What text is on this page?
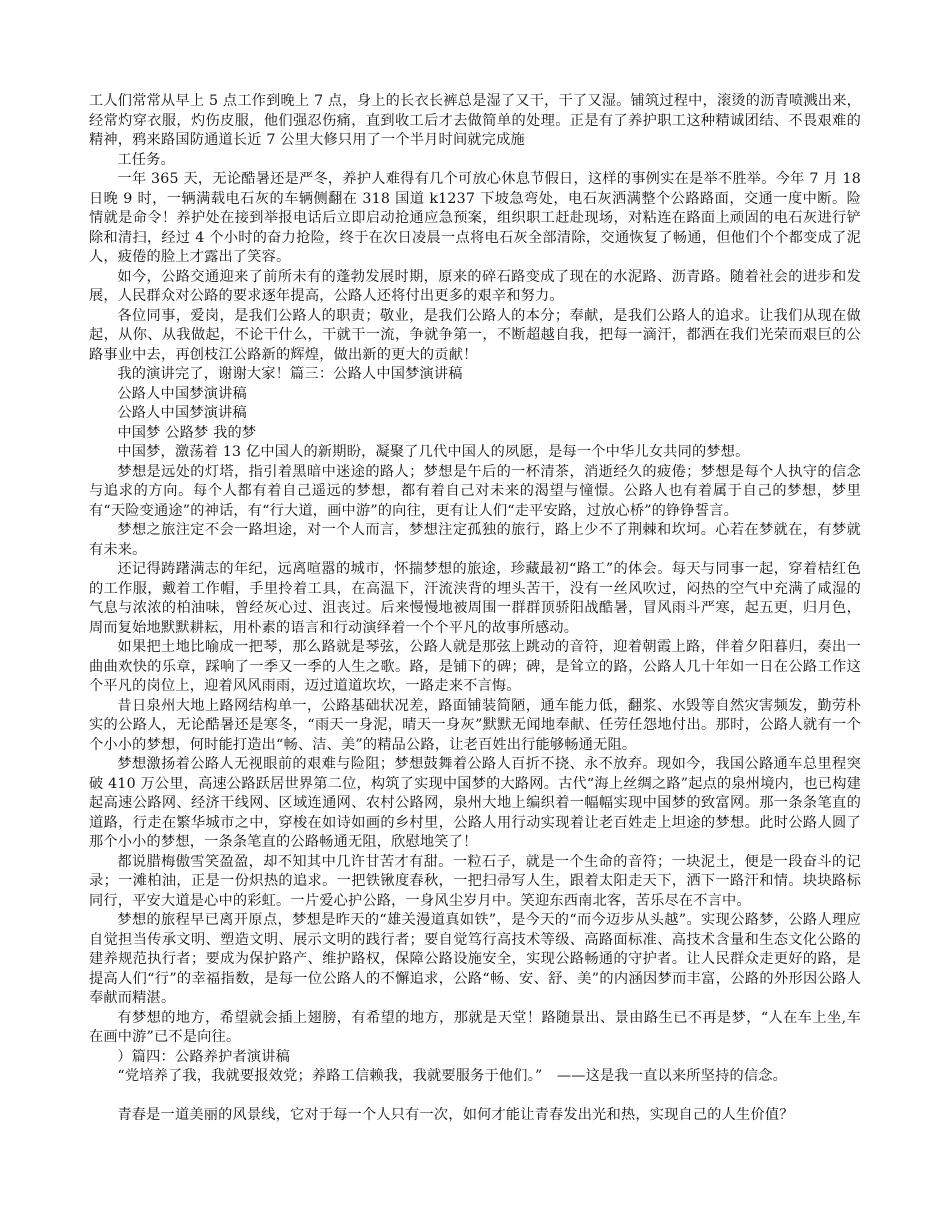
工人们常常从早上 5 点工作到晚上 7 点，身上的长衣长裤总是湿了又干，干了又湿。铺筑过程中，滚烫的沥青喷溅出来，经常灼穿衣服，灼伤皮服，他们强忍伤痛，直到收工后才去做简单的处理。正是有了养护职工这种精诚团结、不畏艰难的精神，鸦来路国防通道长近 7 公里大修只用了一个半月时间就完成施

工任务。

一年 365 天，无论酷暑还是严冬，养护人难得有几个可放心休息节假日，这样的事例实在是举不胜举。今年 7 月 18 日晚 9 时，一辆满载电石灰的车辆侧翻在 318 国道 k1237 下坡急弯处，电石灰洒满整个公路路面，交通一度中断。险情就是命令！养护处在接到举报电话后立即启动抢通应急预案，组织职工赶赴现场，对粘连在路面上顽固的电石灰进行铲除和清扫，经过 4 个小时的奋力抢险，终于在次日凌晨一点将电石灰全部清除，交通恢复了畅通，但他们个个都变成了泥人，疲倦的脸上才露出了笑容。

如今，公路交通迎来了前所未有的蓬勃发展时期，原来的碎石路变成了现在的水泥路、沥青路。随着社会的进步和发展，人民群众对公路的要求逐年提高，公路人还将付出更多的艰辛和努力。

各位同事，爱岗，是我们公路人的职责；敬业，是我们公路人的本分；奉献，是我们公路人的追求。让我们从现在做起，从你、从我做起，不论干什么，干就干一流，争就争第一，不断超越自我，把每一滴汗，都洒在我们光荣而艰巨的公路事业中去，再创枝江公路新的辉煌，做出新的更大的贡献！

我的演讲完了，谢谢大家！篇三：公路人中国梦演讲稿

公路人中国梦演讲稿

公路人中国梦演讲稿

中国梦 公路梦 我的梦

中国梦，激荡着 13 亿中国人的新期盼，凝聚了几代中国人的夙愿，是每一个中华儿女共同的梦想。

梦想是远处的灯塔，指引着黑暗中迷途的路人；梦想是午后的一杯清茶，消逝经久的疲倦；梦想是每个人执守的信念与追求的方向。每个人都有着自己遥远的梦想，都有着自己对未来的渴望与憧憬。公路人也有着属于自己的梦想，梦里有“天险变通途”的神话，有“行大道，画中游”的向往，更有让人们“走平安路，过放心桥”的铮铮誓言。

梦想之旅注定不会一路坦途，对一个人而言，梦想注定孤独的旅行，路上少不了荆棘和坎坷。心若在梦就在，有梦就有未来。

还记得踌躇满志的年纪，远离喧嚣的城市，怀揣梦想的旅途，珍藏最初“路工”的体会。每天与同事一起，穿着桔红色的工作服，戴着工作帽，手里拎着工具，在高温下，汗流浃背的埋头苦干，没有一丝风吹过，闷热的空气中充满了咸湿的气息与浓浓的柏油味，曾经灰心过、沮丧过。后来慢慢地被周围一群群顶骄阳战酷暑，冒风雨斗严寒，起五更，归月色，周而复始地默默耕耘，用朴素的语言和行动演绎着一个个平凡的故事所感动。

如果把土地比喻成一把琴，那么路就是琴弦，公路人就是那弦上跳动的音符，迎着朝霞上路，伴着夕阳暮归，奏出一曲曲欢快的乐章，踩响了一季又一季的人生之歌。路，是铺下的碑；碑，是耸立的路，公路人几十年如一日在公路工作这个平凡的岗位上，迎着风风雨雨，迈过道道坎坎，一路走来不言悔。

昔日泉州大地上路网结构单一，公路基础状况差，路面铺装简陋，通车能力低，翻浆、水毁等自然灾害频发，勤劳朴实的公路人，无论酷暑还是寒冬，“雨天一身泥，晴天一身灰”默默无闻地奉献、任劳任怨地付出。那时，公路人就有一个个小小的梦想，何时能打造出“畅、洁、美”的精品公路，让老百姓出行能够畅通无阻。

梦想激扬着公路人无视眼前的艰难与险阻；梦想鼓舞着公路人百折不挠、永不放弃。现如今，我国公路通车总里程突破 410 万公里，高速公路跃居世界第二位，构筑了实现中国梦的大路网。古代“海上丝绸之路”起点的泉州境内，也已构建起高速公路网、经济干线网、区域连通网、农村公路网，泉州大地上编织着一幅幅实现中国梦的致富网。那一条条笔直的道路，行走在繁华城市之中，穿梭在如诗如画的乡村里，公路人用行动实现着让老百姓走上坦途的梦想。此时公路人圆了那个小小的梦想，一条条笔直的公路畅通无阻，欣慰地笑了！

都说腊梅傲雪笑盈盈，却不知其中几许甘苦才有甜。一粒石子，就是一个生命的音符；一块泥土，便是一段奋斗的记录；一滩柏油，正是一份炽热的追求。一把铁锹度春秋，一把扫帚写人生，跟着太阳走天下，洒下一路汗和情。块块路标同行，平安大道是心中的彩虹。一片爱心护公路，一身风尘岁月中。笑迎东西南北客，苦乐尽在不言中。

梦想的旅程早已离开原点，梦想是昨天的“雄关漫道真如铁”，是今天的“而今迈步从头越”。实现公路梦，公路人理应自觉担当传承文明、塑造文明、展示文明的践行者；要自觉笃行高技术等级、高路面标准、高技术含量和生态文化公路的建养规范执行者；要成为保护路产、维护路权，保障公路设施安全，实现公路畅通的守护者。让人民群众走更好的路，是提高人们“行”的幸福指数，是每一位公路人的不懈追求，公路“畅、安、舒、美”的内涵因梦而丰富，公路的外形因公路人奉献而精湛。

有梦想的地方，希望就会插上翅膀，有希望的地方，那就是天堂！路随景出、景由路生已不再是梦，“人在车上坐,车在画中游”已不是向往。

）篇四：公路养护者演讲稿

“党培养了我，我就要报效党；养路工信赖我，我就要服务于他们。”　——这是我一直以来所坚持的信念。

青春是一道美丽的风景线，它对于每一个人只有一次，如何才能让青春发出光和热，实现自己的人生价值？
